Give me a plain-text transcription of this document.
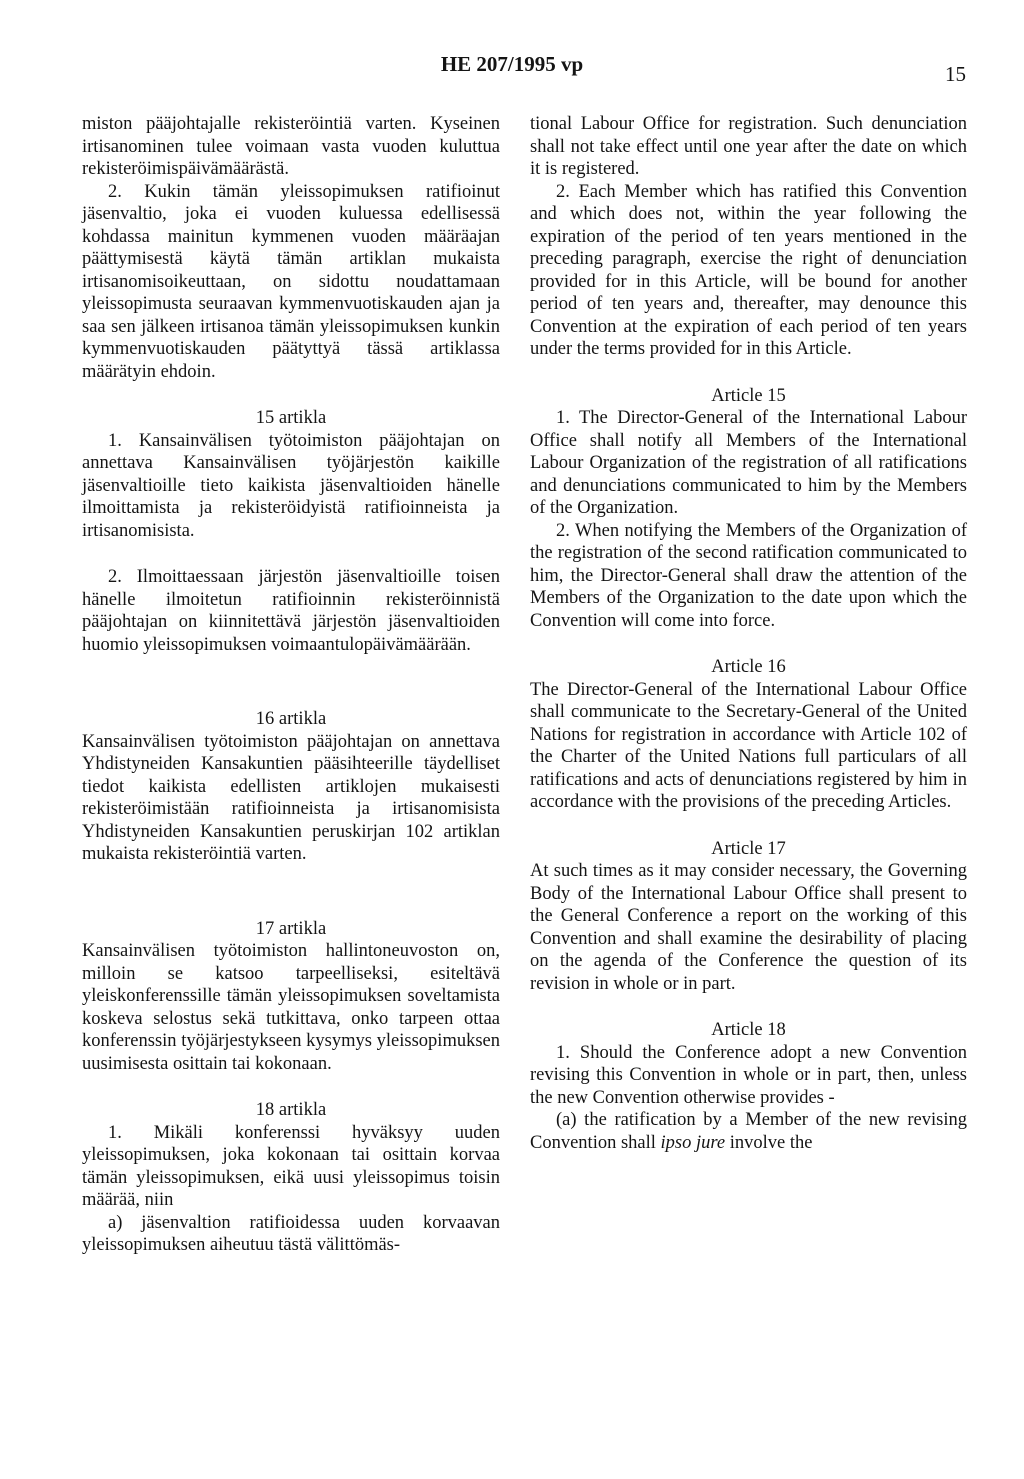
HE 207/1995 vp	15

miston pääjohtajalle rekisteröintiä varten. Kyseinen irtisanominen tulee voimaan vasta vuoden kuluttua rekisteröimispäivämäärästä.

2. Kukin tämän yleissopimuksen ratifioinut jäsenvaltio, joka ei vuoden kuluessa edellisessä kohdassa mainitun kymmenen vuoden määräajan päättymisestä käytä tämän artiklan mukaista irtisanomisoikeuttaan, on sidottu noudattamaan yleissopimusta seuraavan kymmenvuotiskauden ajan ja saa sen jälkeen irtisanoa tämän yleissopimuksen kunkin kymmenvuotiskauden päätyttyä tässä artiklassa määrätyin ehdoin.

15 artikla

1. Kansainvälisen työtoimiston pääjohtajan on annettava Kansainvälisen työjärjestön kaikille jäsenvaltioille tieto kaikista jäsenvaltioiden hänelle ilmoittamista ja rekisteröidyistä ratifioinneista ja irtisanomisista.

2. Ilmoittaessaan järjestön jäsenvaltioille toisen hänelle ilmoitetun ratifioinnin rekisteröinnistä pääjohtajan on kiinnitettävä järjestön jäsenvaltioiden huomio yleissopimuksen voimaantulopäivämäärään.

16 artikla

Kansainvälisen työtoimiston pääjohtajan on annettava Yhdistyneiden Kansakuntien pääsihteerille täydelliset tiedot kaikista edellisten artiklojen mukaisesti rekisteröimistään ratifioinneista ja irtisanomisista Yhdistyneiden Kansakuntien peruskirjan 102 artiklan mukaista rekisteröintiä varten.

17 artikla

Kansainvälisen työtoimiston hallintoneuvoston on, milloin se katsoo tarpeelliseksi, esiteltävä yleiskonferenssille tämän yleissopimuksen soveltamista koskeva selostus sekä tutkittava, onko tarpeen ottaa konferenssin työjärjestykseen kysymys yleissopimuksen uusimisesta osittain tai kokonaan.

18 artikla

1. Mikäli konferenssi hyväksyy uuden yleissopimuksen, joka kokonaan tai osittain korvaa tämän yleissopimuksen, eikä uusi yleissopimus toisin määrää, niin

a) jäsenvaltion ratifioidessa uuden korvaavan yleissopimuksen aiheutuu tästä välittömäs-

tional Labour Office for registration. Such denunciation shall not take effect until one year after the date on which it is registered.

2. Each Member which has ratified this Convention and which does not, within the year following the expiration of the period of ten years mentioned in the preceding paragraph, exercise the right of denunciation provided for in this Article, will be bound for another period of ten years and, thereafter, may denounce this Convention at the expiration of each period of ten years under the terms provided for in this Article.

Article 15

1. The Director-General of the International Labour Office shall notify all Members of the International Labour Organization of the registration of all ratifications and denunciations communicated to him by the Members of the Organization.

2. When notifying the Members of the Organization of the registration of the second ratification communicated to him, the Director-General shall draw the attention of the Members of the Organization to the date upon which the Convention will come into force.

Article 16

The Director-General of the International Labour Office shall communicate to the Secretary-General of the United Nations for registration in accordance with Article 102 of the Charter of the United Nations full particulars of all ratifications and acts of denunciations registered by him in accordance with the provisions of the preceding Articles.

Article 17

At such times as it may consider necessary, the Governing Body of the International Labour Office shall present to the General Conference a report on the working of this Convention and shall examine the desirability of placing on the agenda of the Conference the question of its revision in whole or in part.

Article 18

1. Should the Conference adopt a new Convention revising this Convention in whole or in part, then, unless the new Convention otherwise provides -

(a) the ratification by a Member of the new revising Convention shall ipso jure involve the
